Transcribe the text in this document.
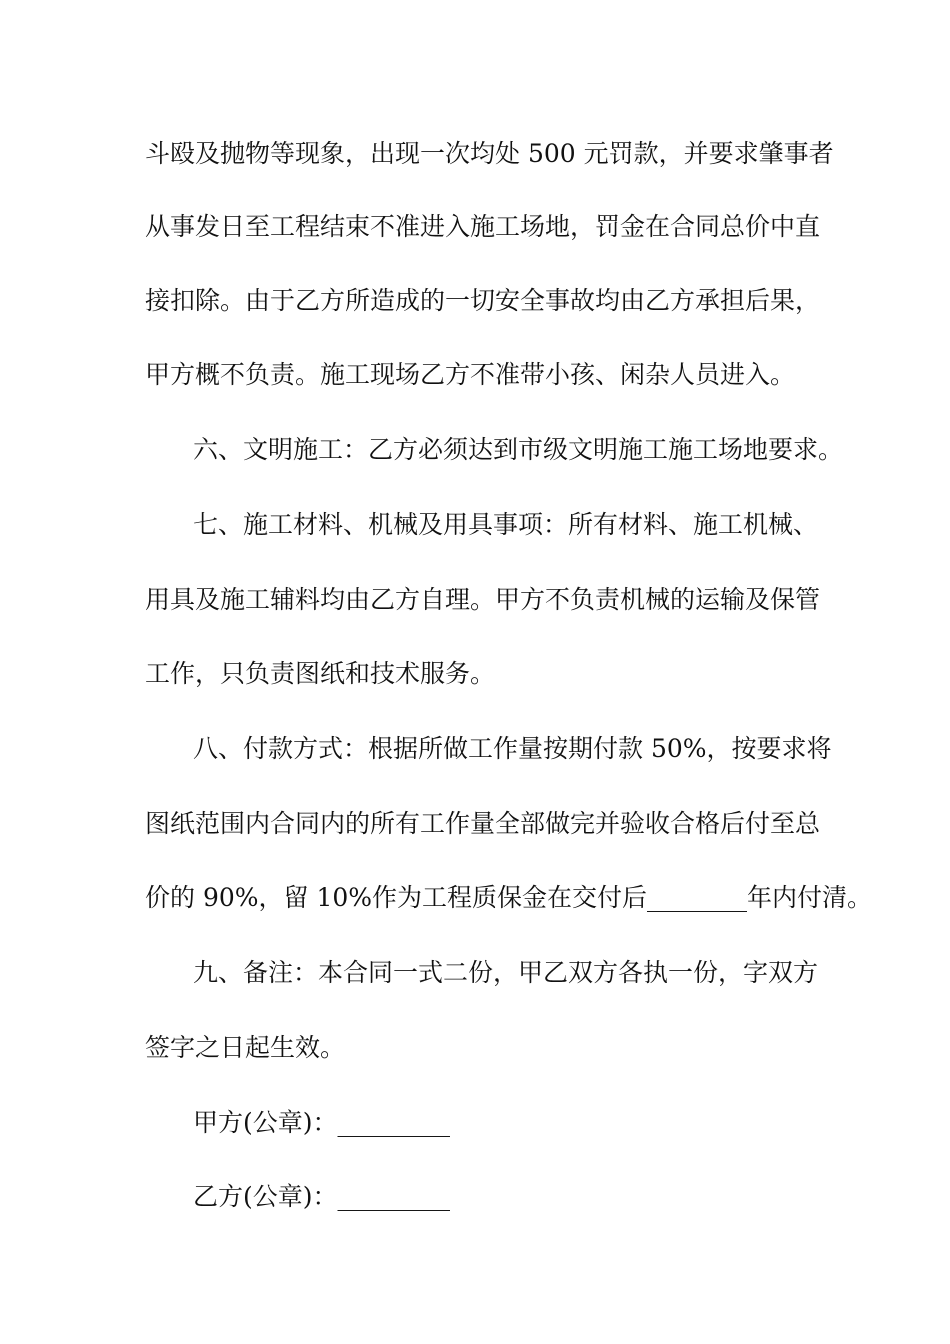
斗殴及抛物等现象，出现一次均处 500 元罚款，并要求肇事者
从事发日至工程结束不准进入施工场地，罚金在合同总价中直
接扣除。由于乙方所造成的一切安全事故均由乙方承担后果，
甲方概不负责。施工现场乙方不准带小孩、闲杂人员进入。
六、文明施工：乙方必须达到市级文明施工施工场地要求。
七、施工材料、机械及用具事项：所有材料、施工机械、
用具及施工辅料均由乙方自理。甲方不负责机械的运输及保管
工作，只负责图纸和技术服务。
八、付款方式：根据所做工作量按期付款 50%，按要求将
图纸范围内合同内的所有工作量全部做完并验收合格后付至总
价的 90%，留 10%作为工程质保金在交付后________年内付清。
九、备注：本合同一式二份，甲乙双方各执一份，字双方
签字之日起生效。
甲方(公章)：_________
乙方(公章)：_________
